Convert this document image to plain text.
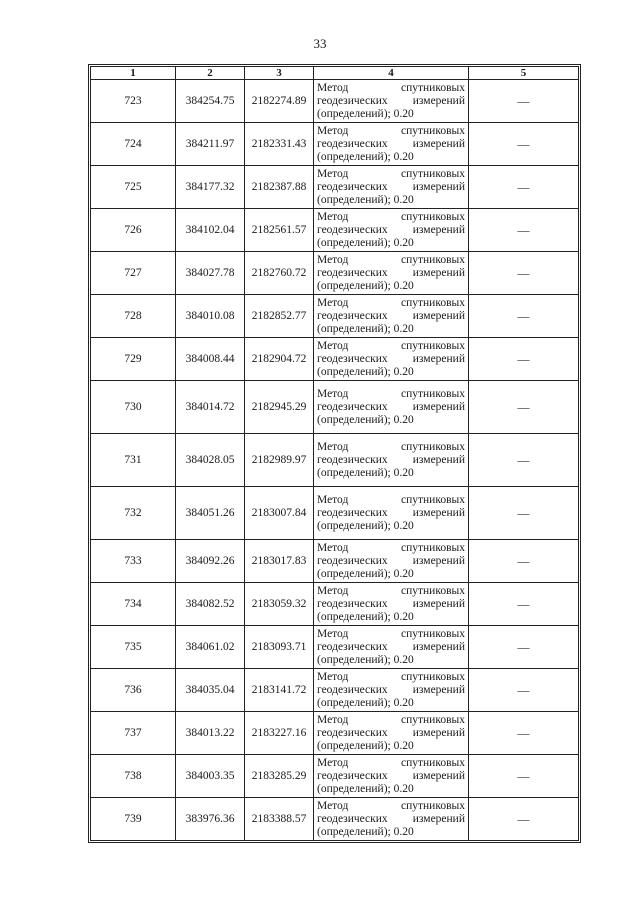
33
1	2	3	4	5
723	384254.75	2182274.89	Метод спутниковых
геодезических измерений
(определений); 0.20	—
724	384211.97	2182331.43	Метод спутниковых
геодезических измерений
(определений); 0.20	—
725	384177.32	2182387.88	Метод спутниковых
геодезических измерений
(определений); 0.20	—
726	384102.04	2182561.57	Метод спутниковых
геодезических измерений
(определений); 0.20	—
727	384027.78	2182760.72	Метод спутниковых
геодезических измерений
(определений); 0.20	—
728	384010.08	2182852.77	Метод спутниковых
геодезических измерений
(определений); 0.20	—
729	384008.44	2182904.72	Метод спутниковых
геодезических измерений
(определений); 0.20	—
730	384014.72	2182945.29	Метод спутниковых
геодезических измерений
(определений); 0.20	—
731	384028.05	2182989.97	Метод спутниковых
геодезических измерений
(определений); 0.20	—
732	384051.26	2183007.84	Метод спутниковых
геодезических измерений
(определений); 0.20	—
733	384092.26	2183017.83	Метод спутниковых
геодезических измерений
(определений); 0.20	—
734	384082.52	2183059.32	Метод спутниковых
геодезических измерений
(определений); 0.20	—
735	384061.02	2183093.71	Метод спутниковых
геодезических измерений
(определений); 0.20	—
736	384035.04	2183141.72	Метод спутниковых
геодезических измерений
(определений); 0.20	—
737	384013.22	2183227.16	Метод спутниковых
геодезических измерений
(определений); 0.20	—
738	384003.35	2183285.29	Метод спутниковых
геодезических измерений
(определений); 0.20	—
739	383976.36	2183388.57	Метод спутниковых
геодезических измерений
(определений); 0.20	—
